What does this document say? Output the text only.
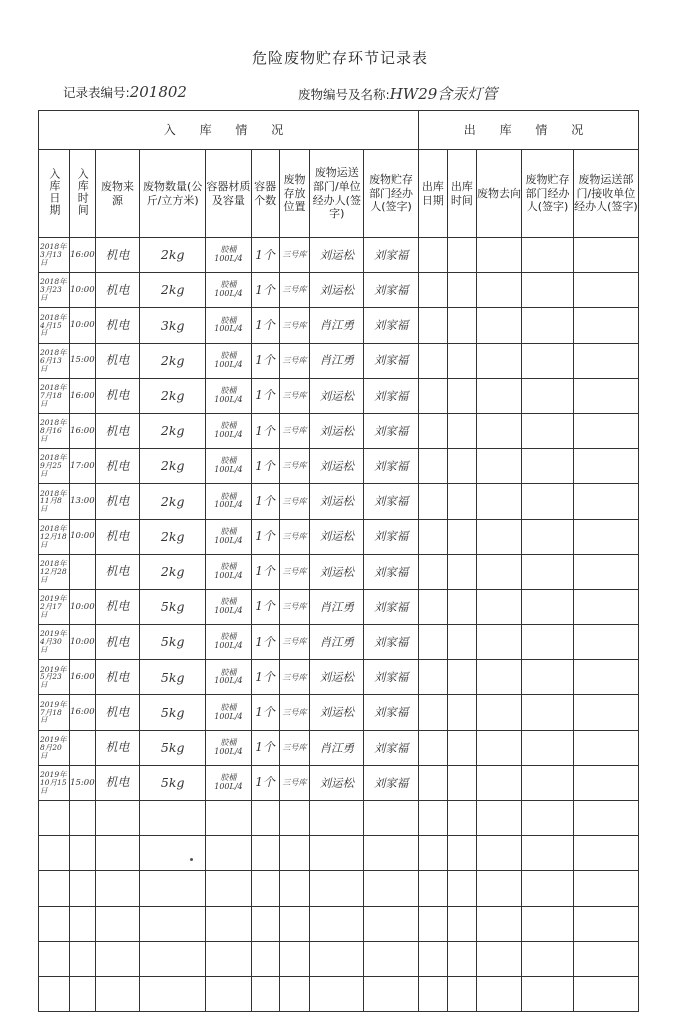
危险废物贮存环节记录表
记录表编号:201802	废物编号及名称:HW29含汞灯管
入 库 情 况									出 库 情 况				
入库日期	入库时间	废物来源	废物数量(公斤/立方米)	容器材质及容量	容器个数	废物存放位置	废物运送部门/单位经办人(签字)	废物贮存部门经办人(签字)	出库日期	出库时间	废物去向	废物贮存部门经办人(签字)	废物运送部门/接收单位经办人(签字)
2018年3月13日	16:00	机电	2kg	胶桶 100L/4	1个	三号库	刘运松	刘家福					
2018年3月23日	10:00	机电	2kg	胶桶 100L/4	1个	三号库	刘运松	刘家福					
2018年4月15日	10:00	机电	3kg	胶桶 100L/4	1个	三号库	肖江勇	刘家福					
2018年6月13日	15:00	机电	2kg	胶桶 100L/4	1个	三号库	肖江勇	刘家福					
2018年7月18日	16:00	机电	2kg	胶桶 100L/4	1个	三号库	刘运松	刘家福					
2018年8月16日	16:00	机电	2kg	胶桶 100L/4	1个	三号库	刘运松	刘家福					
2018年9月25日	17:00	机电	2kg	胶桶 100L/4	1个	三号库	刘运松	刘家福					
2018年11月8日	13:00	机电	2kg	胶桶 100L/4	1个	三号库	刘运松	刘家福					
2018年12月18日	10:00	机电	2kg	胶桶 100L/4	1个	三号库	刘运松	刘家福					
2018年12月28日		机电	2kg	胶桶 100L/4	1个	三号库	刘运松	刘家福					
2019年2月17日	10:00	机电	5kg	胶桶 100L/4	1个	三号库	肖江勇	刘家福					
2019年4月30日	10:00	机电	5kg	胶桶 100L/4	1个	三号库	肖江勇	刘家福					
2019年5月23日	16:00	机电	5kg	胶桶 100L/4	1个	三号库	刘运松	刘家福					
2019年7月18日	16:00	机电	5kg	胶桶 100L/4	1个	三号库	刘运松	刘家福					
2019年8月20日		机电	5kg	胶桶 100L/4	1个	三号库	肖江勇	刘家福					
2019年10月15日	15:00	机电	5kg	胶桶 100L/4	1个	三号库	刘运松	刘家福					
